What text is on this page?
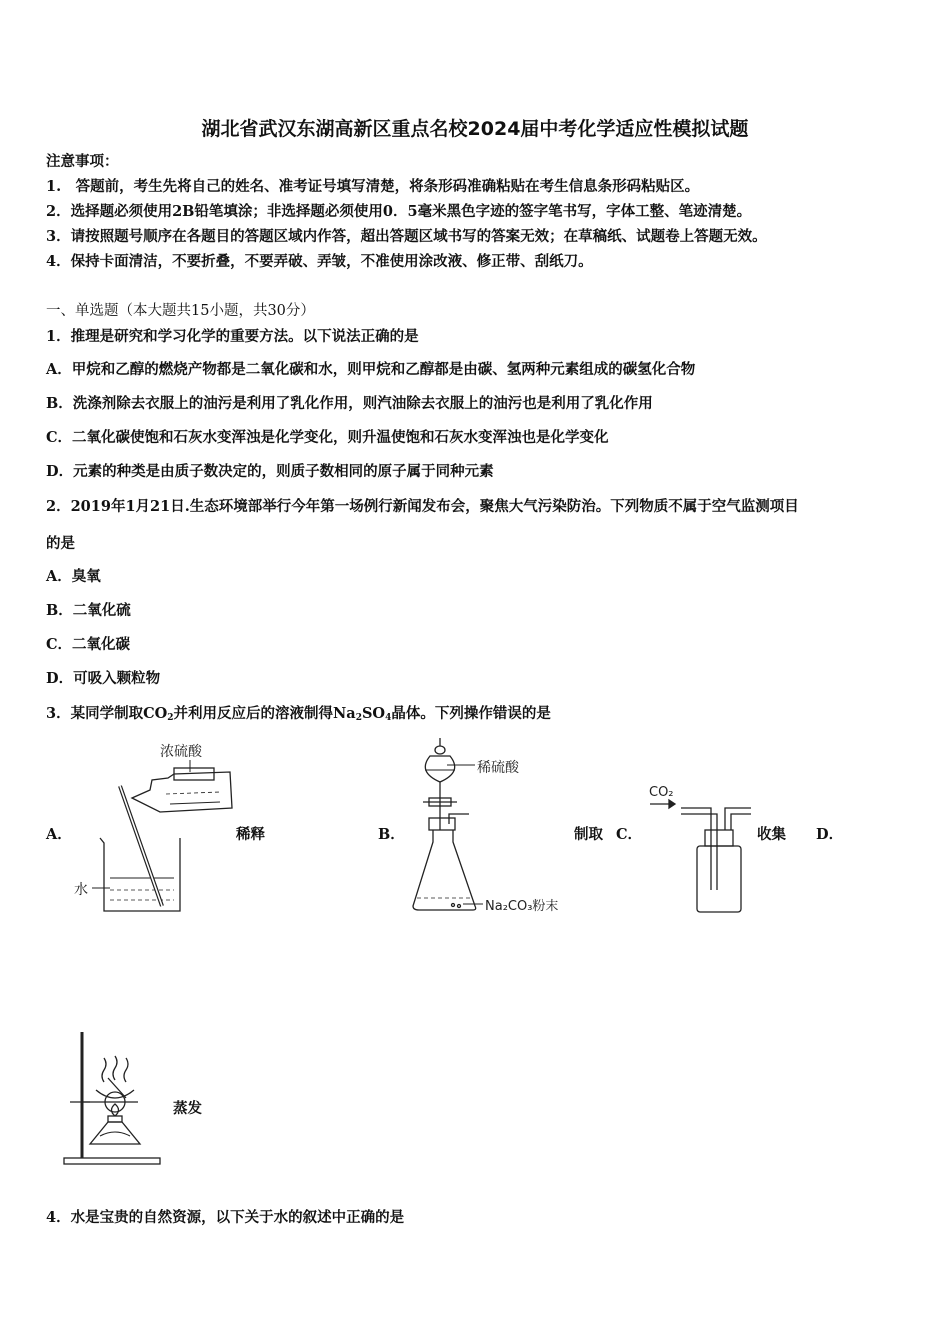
湖北省武汉东湖高新区重点名校2024届中考化学适应性模拟试题
注意事项：
1.　答题前，考生先将自己的姓名、准考证号填写清楚，将条形码准确粘贴在考生信息条形码粘贴区。
2．选择题必须使用2B铅笔填涂；非选择题必须使用0．5毫米黑色字迹的签字笔书写，字体工整、笔迹清楚。
3．请按照题号顺序在各题目的答题区域内作答，超出答题区域书写的答案无效；在草稿纸、试题卷上答题无效。
4．保持卡面清洁，不要折叠，不要弄破、弄皱，不准使用涂改液、修正带、刮纸刀。
一、单选题（本大题共15小题，共30分）
1．推理是研究和学习化学的重要方法。以下说法正确的是
A．甲烷和乙醇的燃烧产物都是二氧化碳和水，则甲烷和乙醇都是由碳、氢两种元素组成的碳氢化合物
B．洗涤剂除去衣服上的油污是利用了乳化作用，则汽油除去衣服上的油污也是利用了乳化作用
C．二氧化碳使饱和石灰水变浑浊是化学变化，则升温使饱和石灰水变浑浊也是化学变化
D．元素的种类是由质子数决定的，则质子数相同的原子属于同种元素
2．2019年1月21日.生态环境部举行今年第一场例行新闻发布会，聚焦大气污染防治。下列物质不属于空气监测项目
的是
A．臭氧
B．二氧化硫
C．二氧化碳
D．可吸入颗粒物
3．某同学制取$CO_2$并利用反应后的溶液制得$Na_2SO_4$晶体。下列操作错误的是
A．	稀释	B．	制取 C．	收集 D．
蒸发
浓硫酸
水
稀硫酸
Na₂CO₃粉末
CO₂
4．水是宝贵的自然资源，以下关于水的叙述中正确的是
